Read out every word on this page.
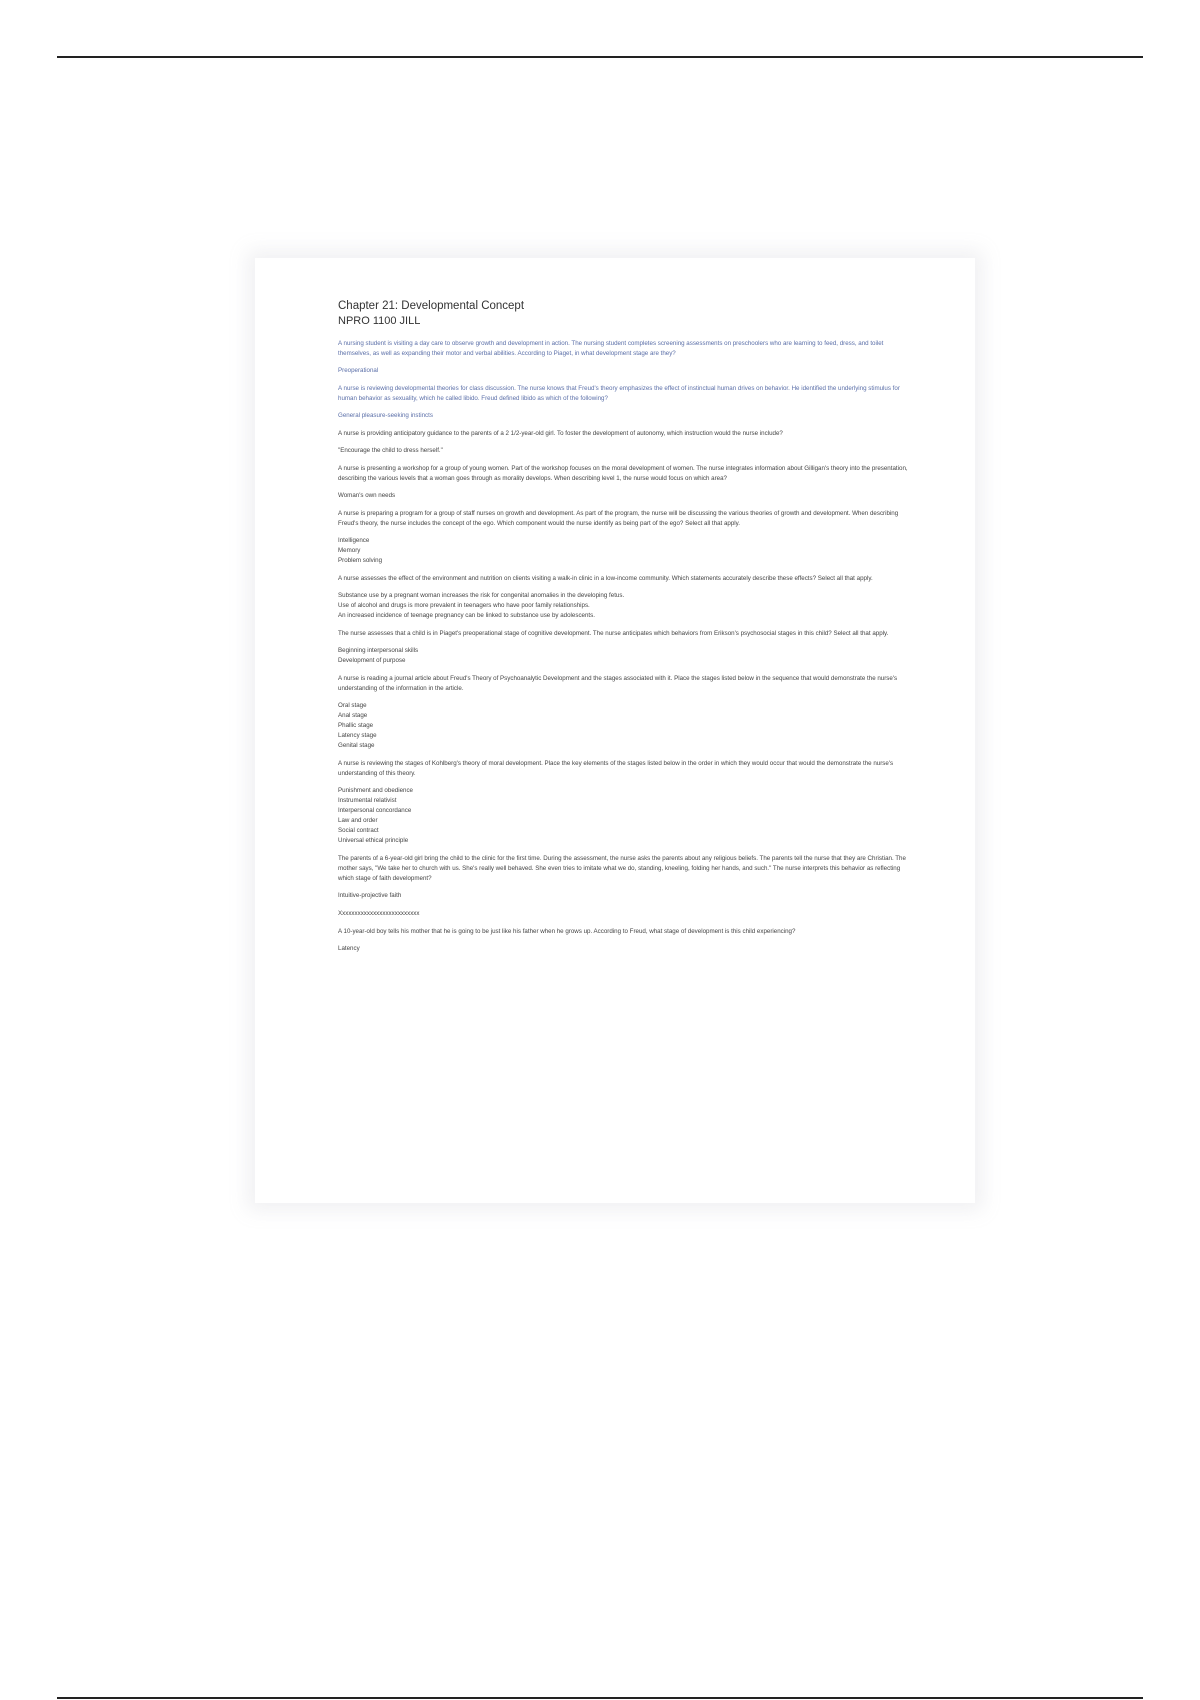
Chapter 21: Developmental Concept

NPRO 1100 JILL

A nursing student is visiting a day care to observe growth and development in action. The nursing student completes screening assessments on preschoolers who are learning to feed, dress, and toilet themselves, as well as expanding their motor and verbal abilities. According to Piaget, in what development stage are they?

Preoperational

A nurse is reviewing developmental theories for class discussion. The nurse knows that Freud's theory emphasizes the effect of instinctual human drives on behavior. He identified the underlying stimulus for human behavior as sexuality, which he called libido. Freud defined libido as which of the following?

General pleasure-seeking instincts

A nurse is providing anticipatory guidance to the parents of a 2 1/2-year-old girl. To foster the development of autonomy, which instruction would the nurse include?

"Encourage the child to dress herself."

A nurse is presenting a workshop for a group of young women. Part of the workshop focuses on the moral development of women. The nurse integrates information about Gilligan's theory into the presentation, describing the various levels that a woman goes through as morality develops. When describing level 1, the nurse would focus on which area?

Woman's own needs

A nurse is preparing a program for a group of staff nurses on growth and development. As part of the program, the nurse will be discussing the various theories of growth and development. When describing Freud's theory, the nurse includes the concept of the ego. Which component would the nurse identify as being part of the ego? Select all that apply.

Intelligence
Memory
Problem solving

A nurse assesses the effect of the environment and nutrition on clients visiting a walk-in clinic in a low-income community. Which statements accurately describe these effects? Select all that apply.

Substance use by a pregnant woman increases the risk for congenital anomalies in the developing fetus.
Use of alcohol and drugs is more prevalent in teenagers who have poor family relationships.
An increased incidence of teenage pregnancy can be linked to substance use by adolescents.

The nurse assesses that a child is in Piaget's preoperational stage of cognitive development. The nurse anticipates which behaviors from Erikson's psychosocial stages in this child? Select all that apply.

Beginning interpersonal skills
Development of purpose

A nurse is reading a journal article about Freud's Theory of Psychoanalytic Development and the stages associated with it. Place the stages listed below in the sequence that would demonstrate the nurse's understanding of the information in the article.

Oral stage
Anal stage
Phallic stage
Latency stage
Genital stage

A nurse is reviewing the stages of Kohlberg's theory of moral development. Place the key elements of the stages listed below in the order in which they would occur that would the demonstrate the nurse's understanding of this theory.

Punishment and obedience
Instrumental relativist
Interpersonal concordance
Law and order
Social contract
Universal ethical principle

The parents of a 6-year-old girl bring the child to the clinic for the first time. During the assessment, the nurse asks the parents about any religious beliefs. The parents tell the nurse that they are Christian. The mother says, "We take her to church with us. She's really well behaved. She even tries to imitate what we do, standing, kneeling, folding her hands, and such." The nurse interprets this behavior as reflecting which stage of faith development?

Intuitive-projective faith
Xxxxxxxxxxxxxxxxxxxxxxxxxx

A 10-year-old boy tells his mother that he is going to be just like his father when he grows up. According to Freud, what stage of development is this child experiencing?

Latency
